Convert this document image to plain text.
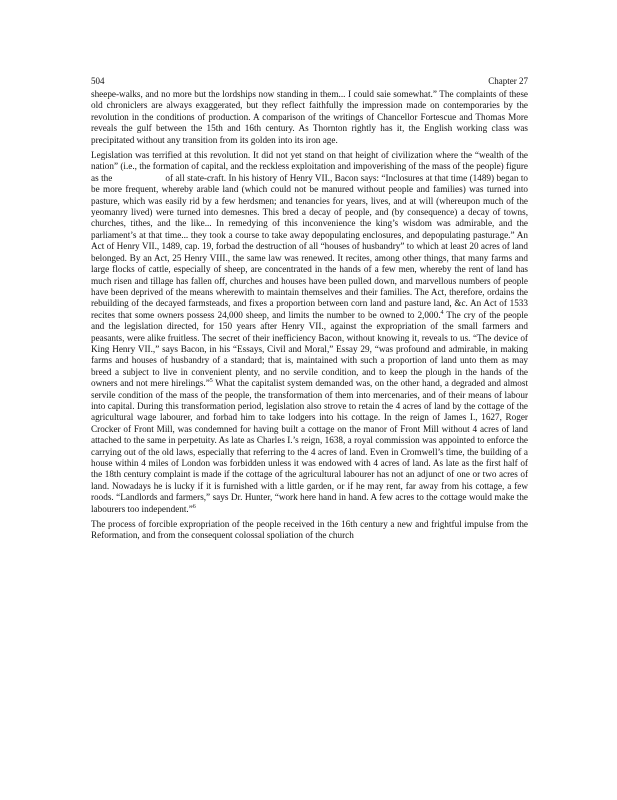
504	Chapter 27

sheepe-walks, and no more but the lordships now standing in them... I could saie somewhat.” The complaints of these old chroniclers are always exaggerated, but they reflect faithfully the impression made on contemporaries by the revolution in the conditions of production. A comparison of the writings of Chancellor Fortescue and Thomas More reveals the gulf between the 15th and 16th century. As Thornton rightly has it, the English working class was precipitated without any transition from its golden into its iron age.

Legislation was terrified at this revolution. It did not yet stand on that height of civilization where the “wealth of the nation” (i.e., the formation of capital, and the reckless exploitation and impoverishing of the mass of the people) figure as the                      of all state-craft. In his history of Henry VII., Bacon says: “Inclosures at that time (1489) began to be more frequent, whereby arable land (which could not be manured without people and families) was turned into pasture, which was easily rid by a few herdsmen; and tenancies for years, lives, and at will (whereupon much of the yeomanry lived) were turned into demesnes. This bred a decay of people, and (by consequence) a decay of towns, churches, tithes, and the like... In remedying of this inconvenience the king’s wisdom was admirable, and the parliament’s at that time... they took a course to take away depopulating enclosures, and depopulating pasturage.” An Act of Henry VII., 1489, cap. 19, forbad the destruction of all “houses of husbandry” to which at least 20 acres of land belonged. By an Act, 25 Henry VIII., the same law was renewed. It recites, among other things, that many farms and large flocks of cattle, especially of sheep, are concentrated in the hands of a few men, whereby the rent of land has much risen and tillage has fallen off, churches and houses have been pulled down, and marvellous numbers of people have been deprived of the means wherewith to maintain themselves and their families. The Act, therefore, ordains the rebuilding of the decayed farmsteads, and fixes a proportion between corn land and pasture land, &c. An Act of 1533 recites that some owners possess 24,000 sheep, and limits the number to be owned to 2,000.$^4$ The cry of the people and the legislation directed, for 150 years after Henry VII., against the expropriation of the small farmers and peasants, were alike fruitless. The secret of their inefficiency Bacon, without knowing it, reveals to us. “The device of King Henry VII.,” says Bacon, in his “Essays, Civil and Moral,” Essay 29, “was profound and admirable, in making farms and houses of husbandry of a standard; that is, maintained with such a proportion of land unto them as may breed a subject to live in convenient plenty, and no servile condition, and to keep the plough in the hands of the owners and not mere hirelings.”$^5$ What the capitalist system demanded was, on the other hand, a degraded and almost servile condition of the mass of the people, the transformation of them into mercenaries, and of their means of labour into capital. During this transformation period, legislation also strove to retain the 4 acres of land by the cottage of the agricultural wage labourer, and forbad him to take lodgers into his cottage. In the reign of James I., 1627, Roger Crocker of Front Mill, was condemned for having built a cottage on the manor of Front Mill without 4 acres of land attached to the same in perpetuity. As late as Charles I.’s reign, 1638, a royal commission was appointed to enforce the carrying out of the old laws, especially that referring to the 4 acres of land. Even in Cromwell’s time, the building of a house within 4 miles of London was forbidden unless it was endowed with 4 acres of land. As late as the first half of the 18th century complaint is made if the cottage of the agricultural labourer has not an adjunct of one or two acres of land. Nowadays he is lucky if it is furnished with a little garden, or if he may rent, far away from his cottage, a few roods. “Landlords and farmers,” says Dr. Hunter, “work here hand in hand. A few acres to the cottage would make the labourers too independent.”$^6$

The process of forcible expropriation of the people received in the 16th century a new and frightful impulse from the Reformation, and from the consequent colossal spoliation of the church
